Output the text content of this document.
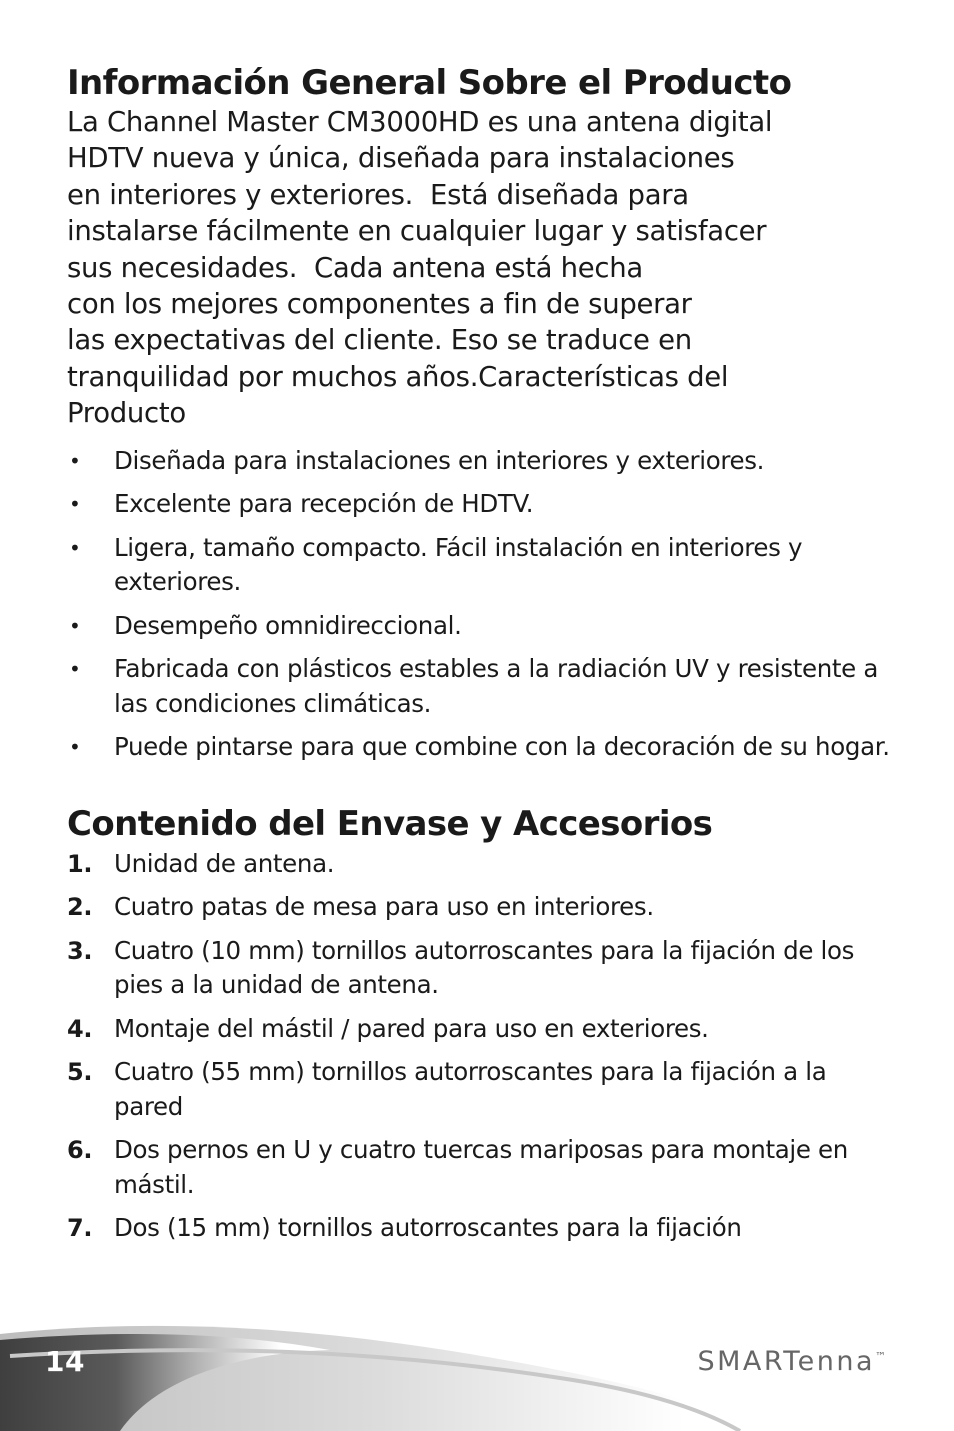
Información General Sobre el Producto

La Channel Master CM3000HD es una antena digital
HDTV nueva y única, diseñada para instalaciones
en interiores y exteriores.  Está diseñada para
instalarse fácilmente en cualquier lugar y satisfacer
sus necesidades.  Cada antena está hecha
con los mejores componentes a fin de superar
las expectativas del cliente. Eso se traduce en
tranquilidad por muchos años.Características del
Producto

•	Diseñada para instalaciones en interiores y exteriores.
•	Excelente para recepción de HDTV.
•	Ligera, tamaño compacto. Fácil instalación en interiores y exteriores.
•	Desempeño omnidireccional.
•	Fabricada con plásticos estables a la radiación UV y resistente a las condiciones climáticas.
•	Puede pintarse para que combine con la decoración de su hogar.
Contenido del Envase y Accesorios
1. Unidad de antena.
2. Cuatro patas de mesa para uso en interiores.
3. Cuatro (10 mm) tornillos autorroscantes para la fijación de los pies a la unidad de antena.
4. Montaje del mástil / pared para uso en exteriores.
5. Cuatro (55 mm) tornillos autorroscantes para la fijación a la pared
6. Dos pernos en U y cuatro tuercas mariposas para montaje en mástil.
7. Dos (15 mm) tornillos autorroscantes para la fijación
14	SMARTenna™
